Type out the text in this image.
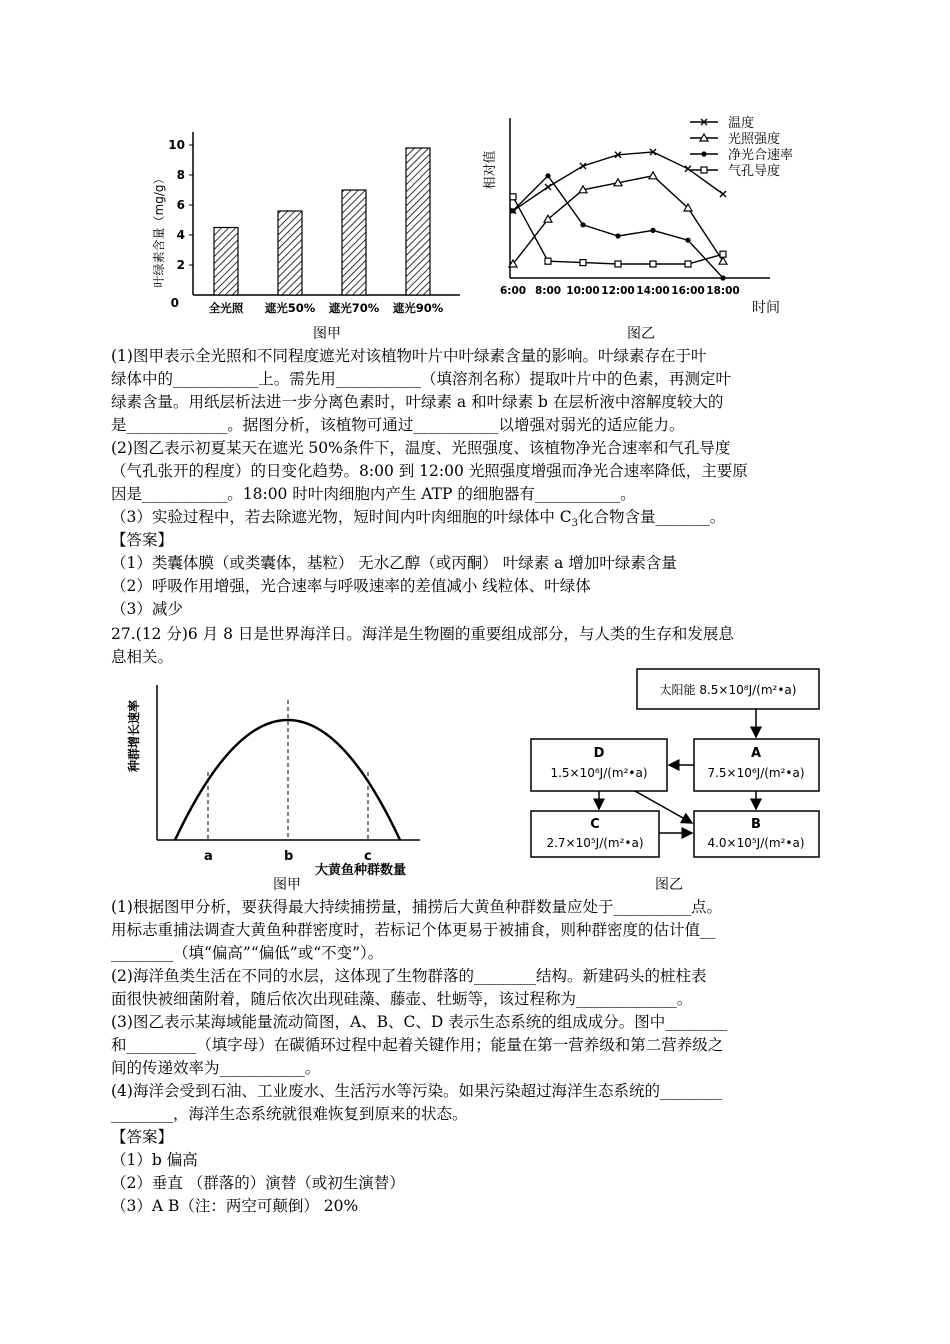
叶绿素含量（mg/g）
0
2
4
6
8
10
全光照 遮光50% 遮光70% 遮光90%
相对值
时间
6:00 8:00 10:00 12:00 14:00 16:00 18:00
温度
光照强度
净光合速率
气孔导度
图甲	图乙
(1)图甲表示全光照和不同程度遮光对该植物叶片中叶绿素含量的影响。叶绿素存在于叶
绿体中的___________上。需先用___________（填溶剂名称）提取叶片中的色素，再测定叶
绿素含量。用纸层析法进一步分离色素时，叶绿素 a 和叶绿素 b 在层析液中溶解度较大的
是_____________。据图分析，该植物可通过___________以增强对弱光的适应能力。
(2)图乙表示初夏某天在遮光 50%条件下，温度、光照强度、该植物净光合速率和气孔导度
（气孔张开的程度）的日变化趋势。8:00 到 12:00 光照强度增强而净光合速率降低，主要原
因是___________。18:00 时叶肉细胞内产生 ATP 的细胞器有___________。
（3）实验过程中，若去除遮光物，短时间内叶肉细胞的叶绿体中 $C_3$化合物含量_______。
【答案】
（1）类囊体膜（或类囊体，基粒） 无水乙醇（或丙酮） 叶绿素 a 增加叶绿素含量
（2）呼吸作用增强，光合速率与呼吸速率的差值减小 线粒体、叶绿体
（3）减少
27.(12 分)6 月 8 日是世界海洋日。海洋是生物圈的重要组成部分，与人类的生存和发展息
息相关。
种群增长速率
a	b	c
大黄鱼种群数量
图甲
太阳能 8.5×10⁸J/(m²•a)
A
7.5×10⁶J/(m²•a)
D
1.5×10⁶J/(m²•a)
C
2.7×10⁵J/(m²•a)
B
4.0×10⁵J/(m²•a)
图乙
(1)根据图甲分析，要获得最大持续捕捞量，捕捞后大黄鱼种群数量应处于__________点。
用标志重捕法调查大黄鱼种群密度时，若标记个体更易于被捕食，则种群密度的估计值__
________（填“偏高”“偏低”或“不变”）。
(2)海洋鱼类生活在不同的水层，这体现了生物群落的________结构。新建码头的桩柱表
面很快被细菌附着，随后依次出现硅藻、藤壶、牡蛎等，该过程称为_____________。
(3)图乙表示某海域能量流动简图，A、B、C、D 表示生态系统的组成成分。图中________
和_________（填字母）在碳循环过程中起着关键作用；能量在第一营养级和第二营养级之
间的传递效率为___________。
(4)海洋会受到石油、工业废水、生活污水等污染。如果污染超过海洋生态系统的________
________，海洋生态系统就很难恢复到原来的状态。
【答案】
（1）b 偏高
（2）垂直 （群落的）演替（或初生演替）
（3）A B（注：两空可颠倒） 20%
